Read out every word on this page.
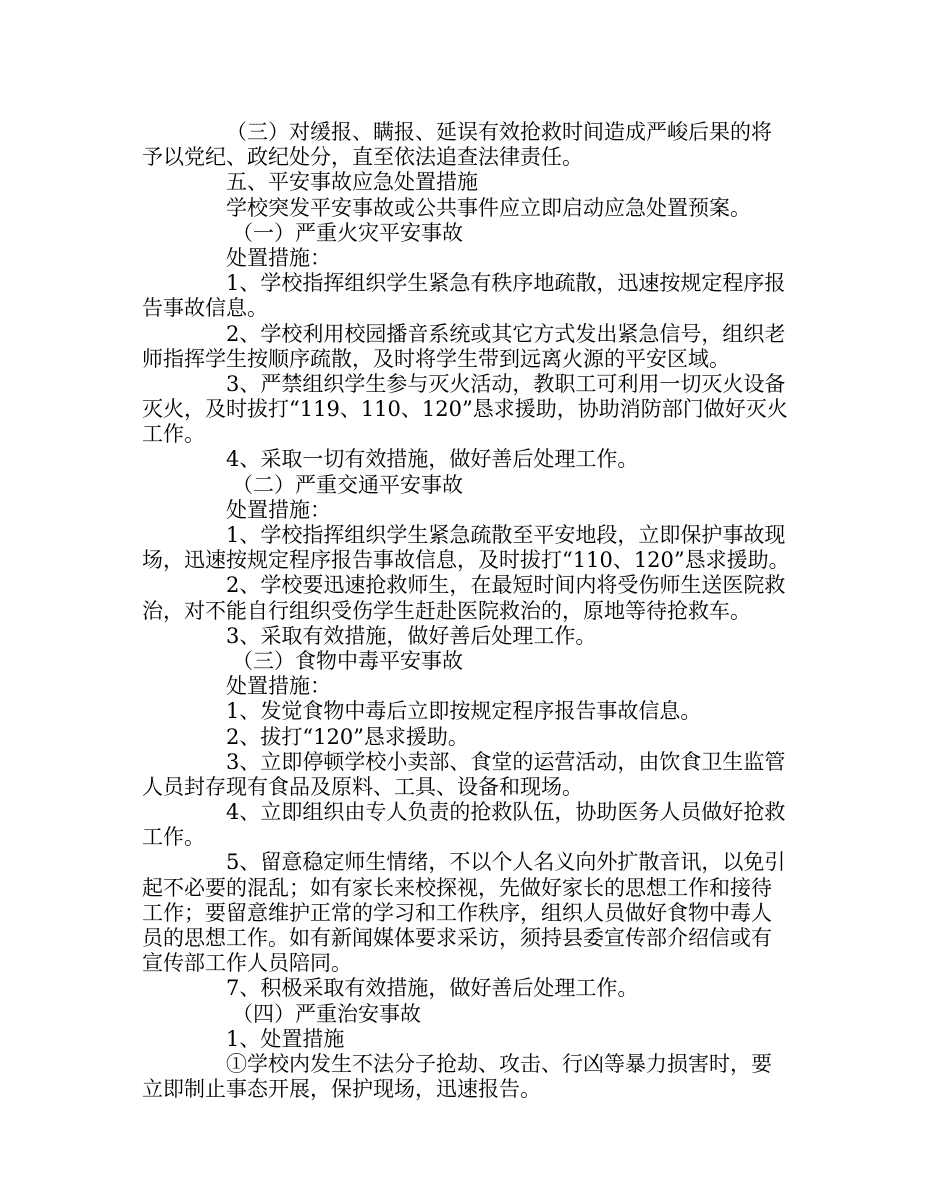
（三）对缓报、瞒报、延误有效抢救时间造成严峻后果的将
予以党纪、政纪处分，直至依法追查法律责任。
五、平安事故应急处置措施
学校突发平安事故或公共事件应立即启动应急处置预案。
（一）严重火灾平安事故
处置措施：
1、学校指挥组织学生紧急有秩序地疏散，迅速按规定程序报
告事故信息。
2、学校利用校园播音系统或其它方式发出紧急信号，组织老
师指挥学生按顺序疏散，及时将学生带到远离火源的平安区域。
3、严禁组织学生参与灭火活动，教职工可利用一切灭火设备
灭火，及时拔打“119、110、120”恳求援助，协助消防部门做好灭火
工作。
4、采取一切有效措施，做好善后处理工作。
（二）严重交通平安事故
处置措施：
1、学校指挥组织学生紧急疏散至平安地段，立即保护事故现
场，迅速按规定程序报告事故信息，及时拔打“110、120”恳求援助。
2、学校要迅速抢救师生，在最短时间内将受伤师生送医院救
治，对不能自行组织受伤学生赶赴医院救治的，原地等待抢救车。
3、采取有效措施，做好善后处理工作。
（三）食物中毒平安事故
处置措施：
1、发觉食物中毒后立即按规定程序报告事故信息。
2、拔打“120”恳求援助。
3、立即停顿学校小卖部、食堂的运营活动，由饮食卫生监管
人员封存现有食品及原料、工具、设备和现场。
4、立即组织由专人负责的抢救队伍，协助医务人员做好抢救
工作。
5、留意稳定师生情绪，不以个人名义向外扩散音讯，以免引
起不必要的混乱；如有家长来校探视，先做好家长的思想工作和接待
工作；要留意维护正常的学习和工作秩序，组织人员做好食物中毒人
员的思想工作。如有新闻媒体要求采访，须持县委宣传部介绍信或有
宣传部工作人员陪同。
7、积极采取有效措施，做好善后处理工作。
（四）严重治安事故
1、处置措施
①学校内发生不法分子抢劫、攻击、行凶等暴力损害时，要
立即制止事态开展，保护现场，迅速报告。
